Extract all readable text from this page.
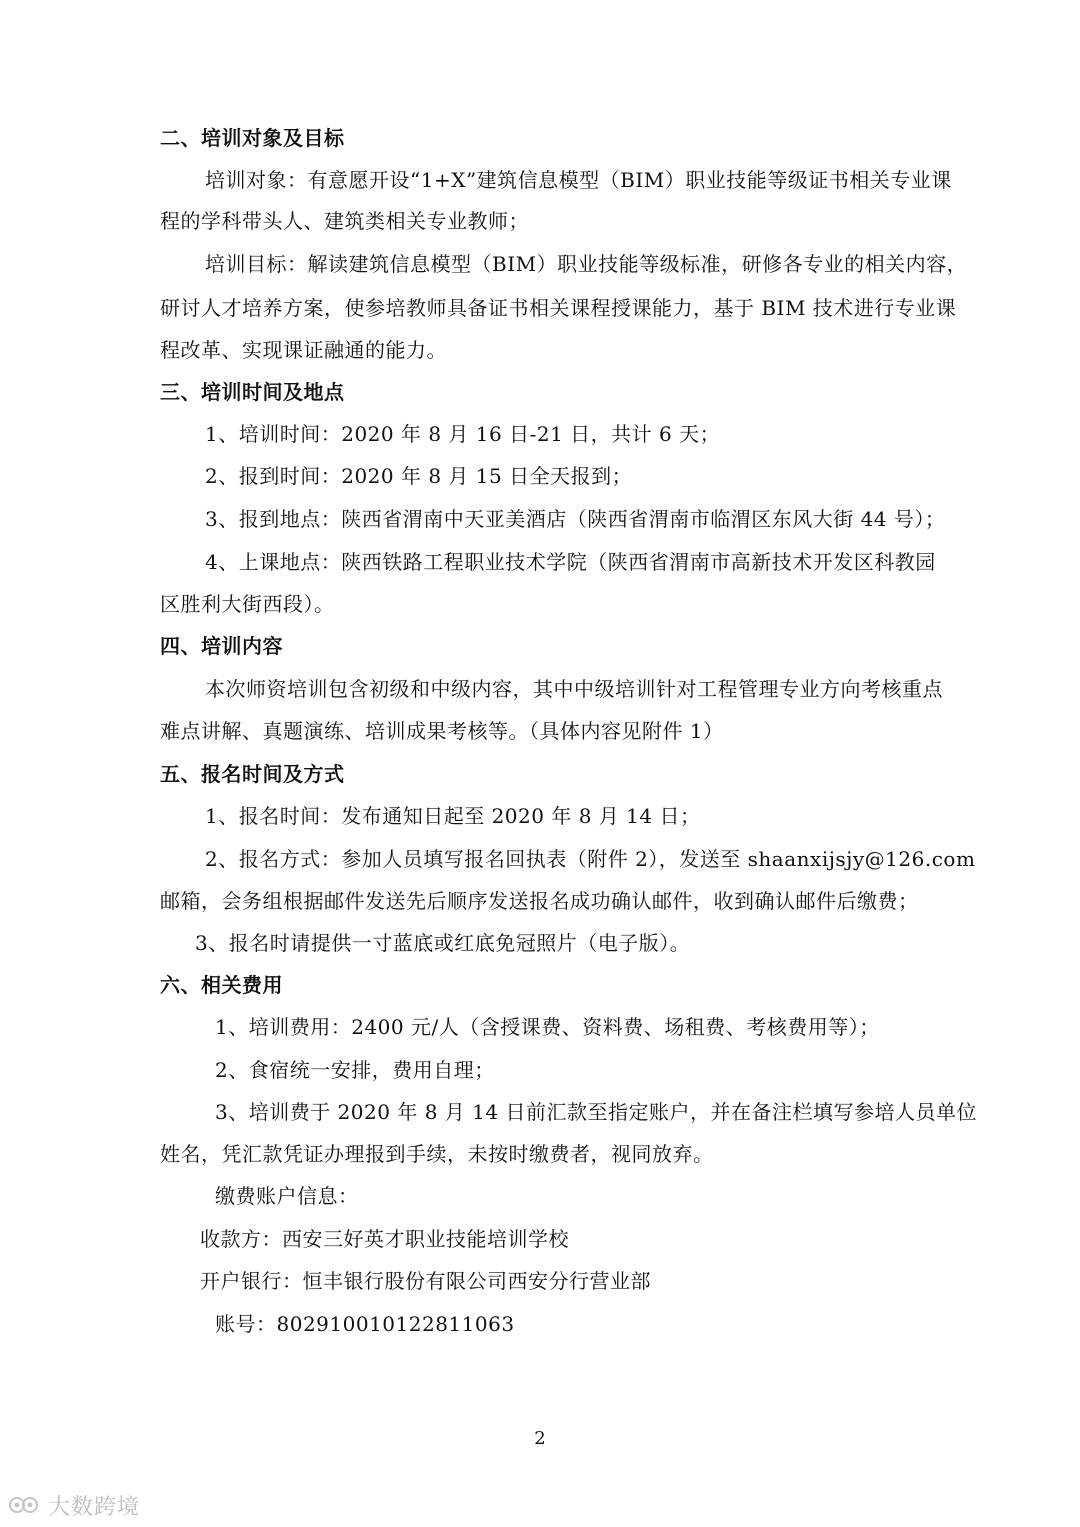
二、培训对象及目标
培训对象：有意愿开设“1+X”建筑信息模型（BIM）职业技能等级证书相关专业课
程的学科带头人、建筑类相关专业教师；
培训目标：解读建筑信息模型（BIM）职业技能等级标准，研修各专业的相关内容，
研讨人才培养方案，使参培教师具备证书相关课程授课能力，基于 BIM 技术进行专业课
程改革、实现课证融通的能力。
三、培训时间及地点
1、培训时间：2020 年 8 月 16 日-21 日，共计 6 天；
2、报到时间：2020 年 8 月 15 日全天报到；
3、报到地点：陕西省渭南中天亚美酒店（陕西省渭南市临渭区东风大街 44 号）；
4、上课地点：陕西铁路工程职业技术学院（陕西省渭南市高新技术开发区科教园
区胜利大街西段）。
四、培训内容
本次师资培训包含初级和中级内容，其中中级培训针对工程管理专业方向考核重点
难点讲解、真题演练、培训成果考核等。（具体内容见附件 1）
五、报名时间及方式
1、报名时间：发布通知日起至 2020 年 8 月 14 日；
2、报名方式：参加人员填写报名回执表（附件 2），发送至 shaanxijsjy@126.com
邮箱，会务组根据邮件发送先后顺序发送报名成功确认邮件，收到确认邮件后缴费；
3、报名时请提供一寸蓝底或红底免冠照片（电子版）。
六、相关费用
1、培训费用：2400 元/人（含授课费、资料费、场租费、考核费用等）；
2、食宿统一安排，费用自理；
3、培训费于 2020 年 8 月 14 日前汇款至指定账户，并在备注栏填写参培人员单位
姓名，凭汇款凭证办理报到手续，未按时缴费者，视同放弃。
缴费账户信息：
收款方：西安三好英才职业技能培训学校
开户银行：恒丰银行股份有限公司西安分行营业部
账号：802910010122811063
2
大数跨境
